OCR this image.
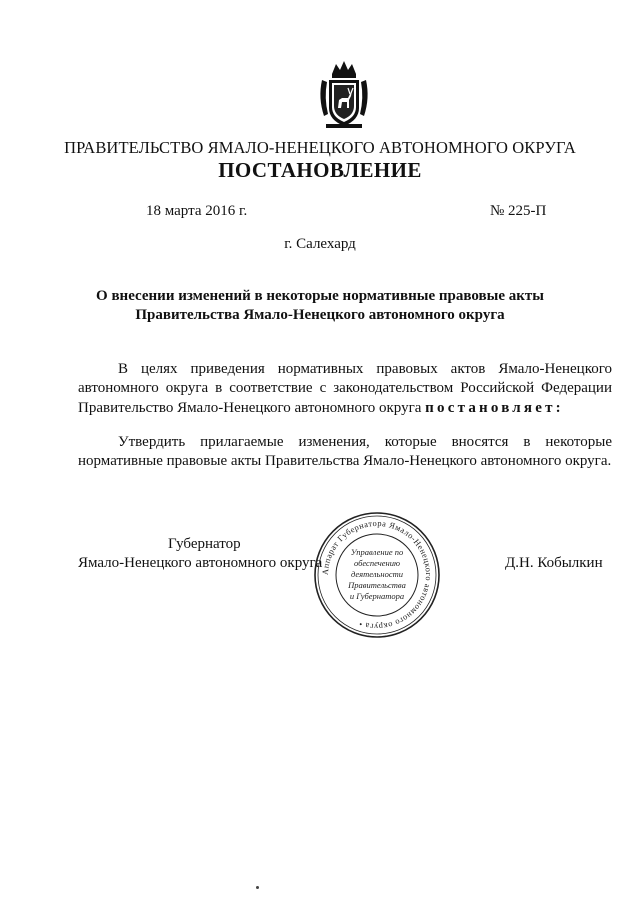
ПРАВИТЕЛЬСТВО ЯМАЛО-НЕНЕЦКОГО АВТОНОМНОГО ОКРУГА
ПОСТАНОВЛЕНИЕ
18 марта 2016 г.	№ 225-П
г. Салехард
О внесении изменений в некоторые нормативные правовые акты
Правительства Ямало-Ненецкого автономного округа
В целях приведения нормативных правовых актов Ямало-Ненецкого автономного округа в соответствие с законодательством Российской Федерации Правительство Ямало-Ненецкого автономного округа постановляет:
Утвердить прилагаемые изменения, которые вносятся в некоторые нормативные правовые акты Правительства Ямало-Ненецкого автономного округа.
Губернатор
Ямало-Ненецкого автономного округа	Д.Н. Кобылкин
Аппарат Губернатора Ямало-Ненецкого автономного округа •
Управление по
обеспечению
деятельности
Правительства
и Губернатора
